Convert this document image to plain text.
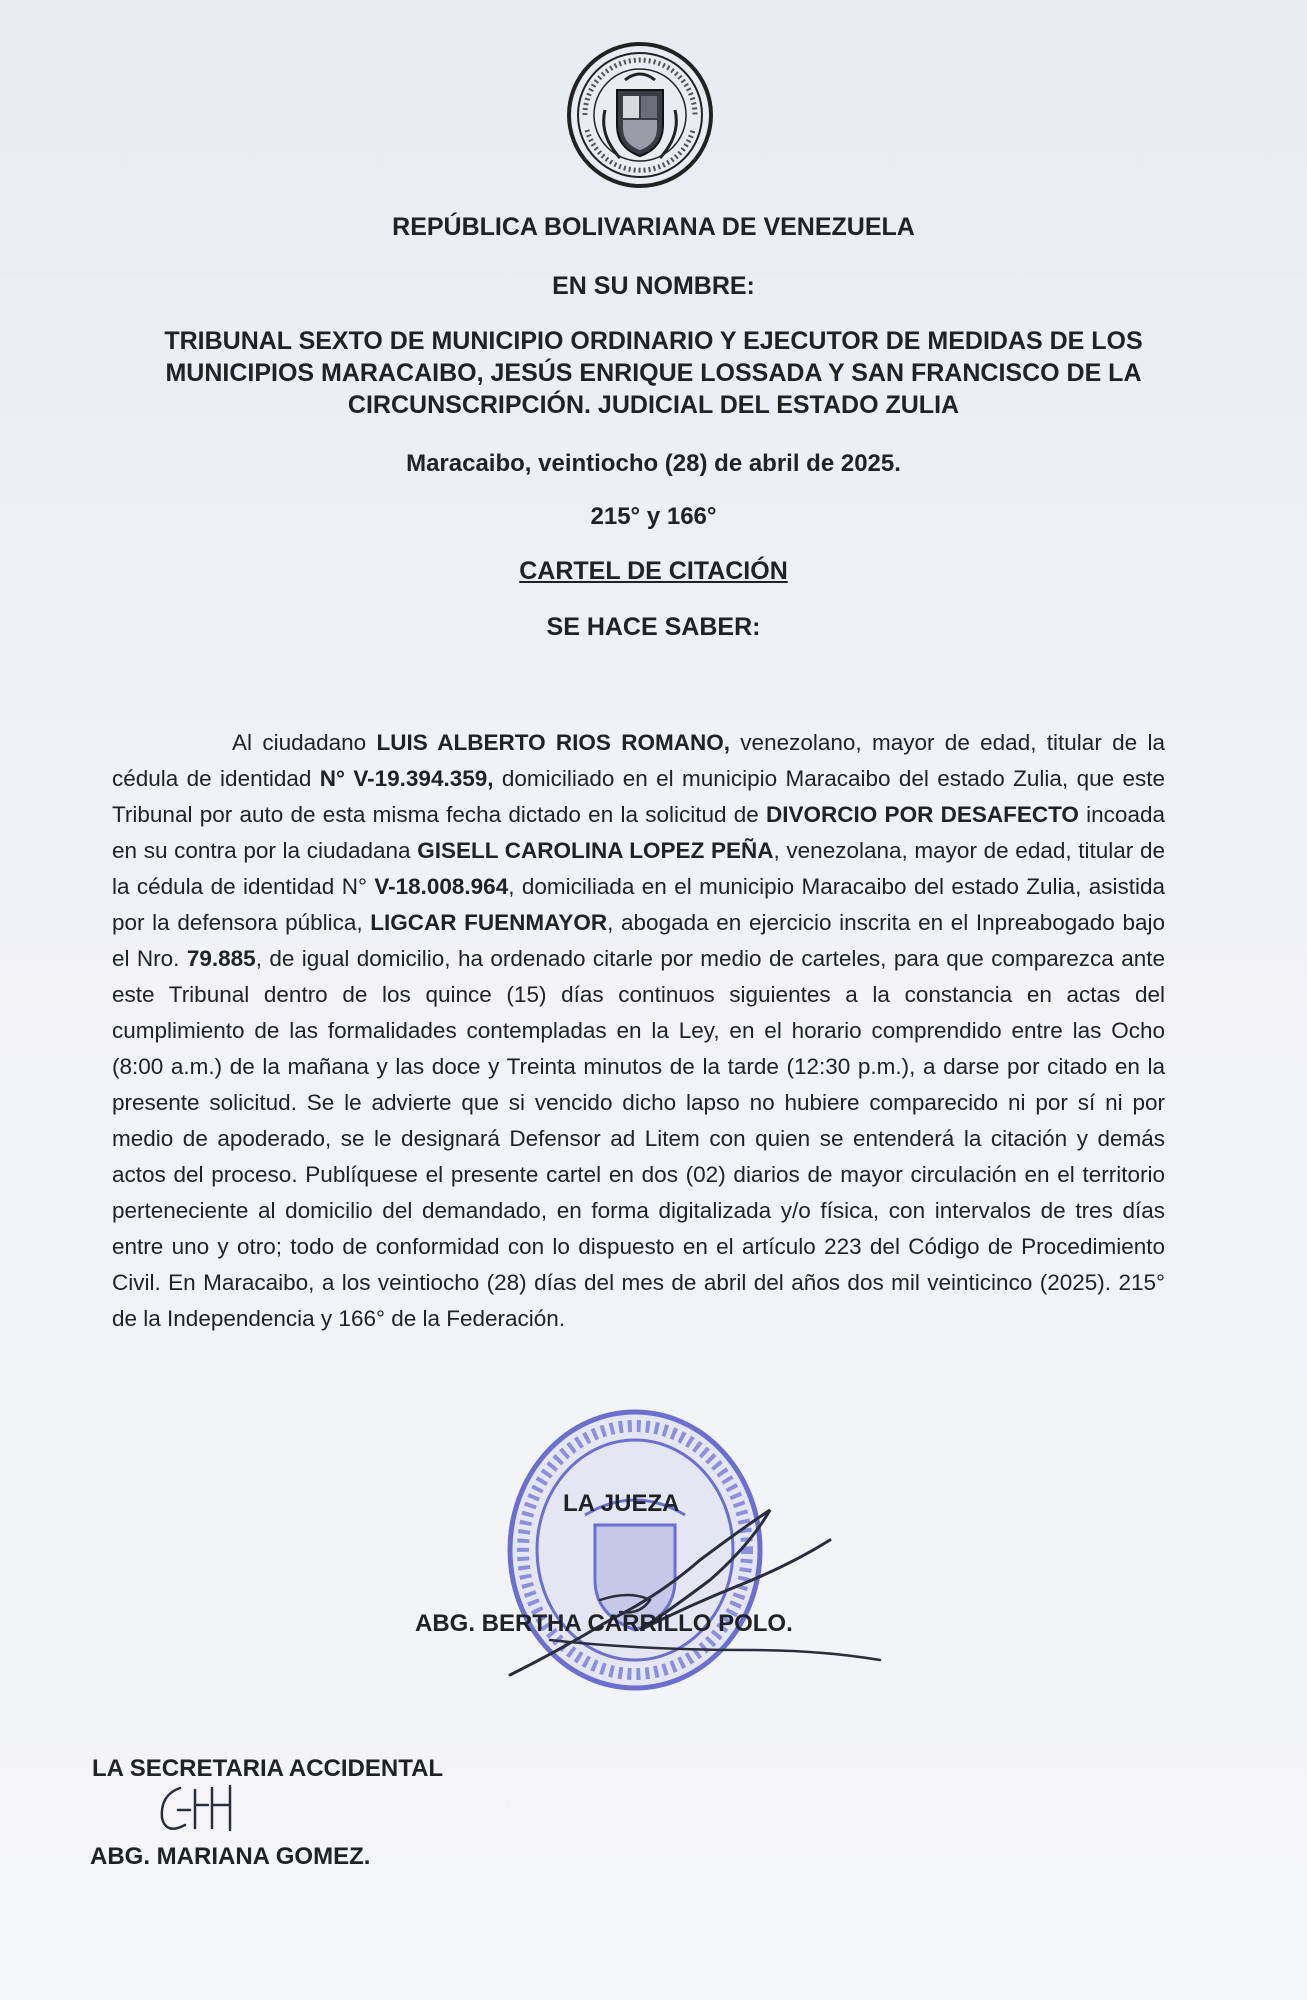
REPÚBLICA BOLIVARIANA DE VENEZUELA
EN SU NOMBRE:
TRIBUNAL SEXTO DE MUNICIPIO ORDINARIO Y EJECUTOR DE MEDIDAS DE LOS MUNICIPIOS MARACAIBO, JESÚS ENRIQUE LOSSADA Y SAN FRANCISCO DE LA CIRCUNSCRIPCIÓN. JUDICIAL DEL ESTADO ZULIA
Maracaibo, veintiocho (28) de abril de 2025.
215° y 166°
CARTEL DE CITACIÓN
SE HACE SABER:
Al ciudadano LUIS ALBERTO RIOS ROMANO, venezolano, mayor de edad, titular de la cédula de identidad N° V-19.394.359, domiciliado en el municipio Maracaibo del estado Zulia, que este Tribunal por auto de esta misma fecha dictado en la solicitud de DIVORCIO POR DESAFECTO incoada en su contra por la ciudadana GISELL CAROLINA LOPEZ PEÑA, venezolana, mayor de edad, titular de la cédula de identidad N° V-18.008.964, domiciliada en el municipio Maracaibo del estado Zulia, asistida por la defensora pública, LIGCAR FUENMAYOR, abogada en ejercicio inscrita en el Inpreabogado bajo el Nro. 79.885, de igual domicilio, ha ordenado citarle por medio de carteles, para que comparezca ante este Tribunal dentro de los quince (15) días continuos siguientes a la constancia en actas del cumplimiento de las formalidades contempladas en la Ley, en el horario comprendido entre las Ocho (8:00 a.m.) de la mañana y las doce y Treinta minutos de la tarde (12:30 p.m.), a darse por citado en la presente solicitud. Se le advierte que si vencido dicho lapso no hubiere comparecido ni por sí ni por medio de apoderado, se le designará Defensor ad Litem con quien se entenderá la citación y demás actos del proceso. Publíquese el presente cartel en dos (02) diarios de mayor circulación en el territorio perteneciente al domicilio del demandado, en forma digitalizada y/o física, con intervalos de tres días entre uno y otro; todo de conformidad con lo dispuesto en el artículo 223 del Código de Procedimiento Civil. En Maracaibo, a los veintiocho (28) días del mes de abril del años dos mil veinticinco (2025). 215° de la Independencia y 166° de la Federación.
LA JUEZA
ABG. BERTHA CARRILLO POLO.
LA SECRETARIA ACCIDENTAL
ABG. MARIANA GOMEZ.
